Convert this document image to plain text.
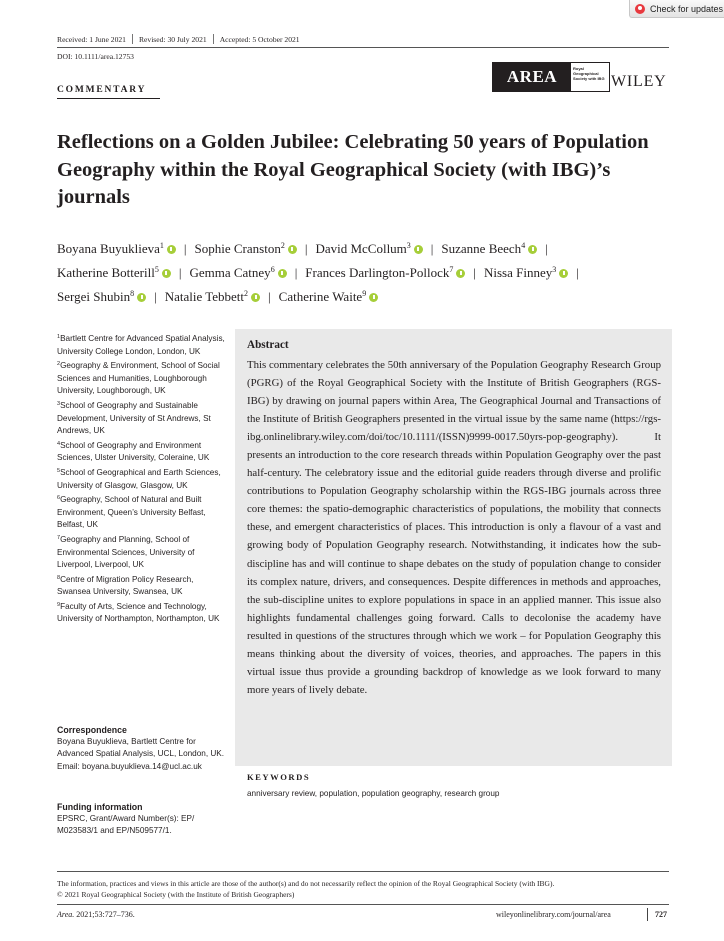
Check for updates
Received: 1 June 2021 Revised: 30 July 2021 Accepted: 5 October 2021
DOI: 10.1111/area.12753
COMMENTARY
AREA	Royal Geographical Society with IBG WILEY
Reflections on a Golden Jubilee: Celebrating 50 years of Population Geography within the Royal Geographical Society (with IBG)’s journals
Boyana Buyuklieva$^1$ | Sophie Cranston$^2$ | David McCollum$^3$ | Suzanne Beech$^4$ |
Katherine Botterill$^5$ | Gemma Catney$^6$ | Frances Darlington-Pollock$^7$ | Nissa Finney$^3$ |
Sergei Shubin$^8$ | Natalie Tebbett$^2$ | Catherine Waite$^9$
$^1$Bartlett Centre for Advanced Spatial Analysis, University College London, London, UK
$^2$Geography & Environment, School of Social Sciences and Humanities, Loughborough University, Loughborough, UK
$^3$School of Geography and Sustainable Development, University of St Andrews, St Andrews, UK
$^4$School of Geography and Environment Sciences, Ulster University, Coleraine, UK
$^5$School of Geographical and Earth Sciences, University of Glasgow, Glasgow, UK
$^6$Geography, School of Natural and Built Environment, Queen’s University Belfast, Belfast, UK
$^7$Geography and Planning, School of Environmental Sciences, University of Liverpool, Liverpool, UK
$^8$Centre of Migration Policy Research, Swansea University, Swansea, UK
$^9$Faculty of Arts, Science and Technology, University of Northampton, Northampton, UK
Correspondence
Boyana Buyuklieva, Bartlett Centre for Advanced Spatial Analysis, UCL, London, UK.
Email: boyana.buyuklieva.14@ucl.ac.uk
Funding information
EPSRC, Grant/Award Number(s): EP/ M023583/1 and EP/N509577/1.
Abstract
This commentary celebrates the 50th anniversary of the Population Geography Research Group (PGRG) of the Royal Geographical Society with the Institute of British Geographers (RGS-IBG) by drawing on journal papers within Area, The Geographical Journal and Transactions of the Institute of British Geographers presented in the virtual issue by the same name (https://rgs-ibg.onlinelibrary.wiley.com/doi/toc/10.1111/(ISSN)9999-0017.50yrs-pop-geography). It presents an introduction to the core research threads within Population Geography over the past half-century. The celebratory issue and the editorial guide readers through diverse and prolific contributions to Population Geography scholarship within the RGS-IBG journals across three core themes: the spatio-demographic characteristics of populations, the mobility that connects these, and emergent characteristics of places. This introduction is only a flavour of a vast and growing body of Population Geography research. Notwithstanding, it indicates how the sub-discipline has and will continue to shape debates on the study of population change to consider its complex nature, drivers, and consequences. Despite differences in methods and approaches, the sub-discipline unites to explore populations in space in an applied manner. This issue also highlights fundamental challenges going forward. Calls to decolonise the academy have resulted in questions of the structures through which we work – for Population Geography this means thinking about the diversity of voices, theories, and approaches. The papers in this virtual issue thus provide a grounding backdrop of knowledge as we look forward to many more years of lively debate.
KEYWORDS
anniversary review, population, population geography, research group
The information, practices and views in this article are those of the author(s) and do not necessarily reflect the opinion of the Royal Geographical Society (with IBG).
© 2021 Royal Geographical Society (with the Institute of British Geographers)
Area. 2021;53:727–736.	wileyonlinelibrary.com/journal/area	727
